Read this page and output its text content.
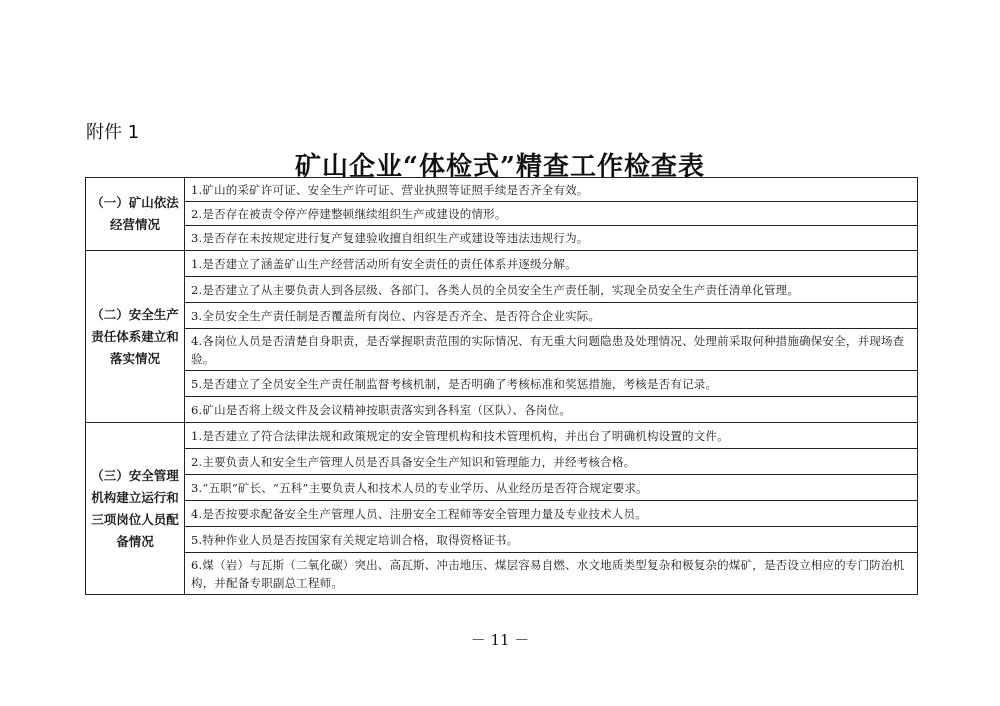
附件 1
矿山企业“体检式”精查工作检查表
（一）矿山依法经营情况	1.矿山的采矿许可证、安全生产许可证、营业执照等证照手续是否齐全有效。
	2.是否存在被责令停产停建整顿继续组织生产或建设的情形。
	3.是否存在未按规定进行复产复建验收擅自组织生产或建设等违法违规行为。
（二）安全生产责任体系建立和落实情况	1.是否建立了涵盖矿山生产经营活动所有安全责任的责任体系并逐级分解。
	2.是否建立了从主要负责人到各层级、各部门、各类人员的全员安全生产责任制，实现全员安全生产责任清单化管理。
	3.全员安全生产责任制是否覆盖所有岗位、内容是否齐全、是否符合企业实际。
	4.各岗位人员是否清楚自身职责，是否掌握职责范围的实际情况、有无重大问题隐患及处理情况、处理前采取何种措施确保安全，并现场查验。
	5.是否建立了全员安全生产责任制监督考核机制，是否明确了考核标准和奖惩措施，考核是否有记录。
	6.矿山是否将上级文件及会议精神按职责落实到各科室（区队）、各岗位。
（三）安全管理机构建立运行和三项岗位人员配备情况	1.是否建立了符合法律法规和政策规定的安全管理机构和技术管理机构，并出台了明确机构设置的文件。
	2.主要负责人和安全生产管理人员是否具备安全生产知识和管理能力，并经考核合格。
	3.“五职”矿长、“五科”主要负责人和技术人员的专业学历、从业经历是否符合规定要求。
	4.是否按要求配备安全生产管理人员、注册安全工程师等安全管理力量及专业技术人员。
	5.特种作业人员是否按国家有关规定培训合格，取得资格证书。
	6.煤（岩）与瓦斯（二氧化碳）突出、高瓦斯、冲击地压、煤层容易自燃、水文地质类型复杂和极复杂的煤矿，是否设立相应的专门防治机构，并配备专职副总工程师。
－ 11 －
